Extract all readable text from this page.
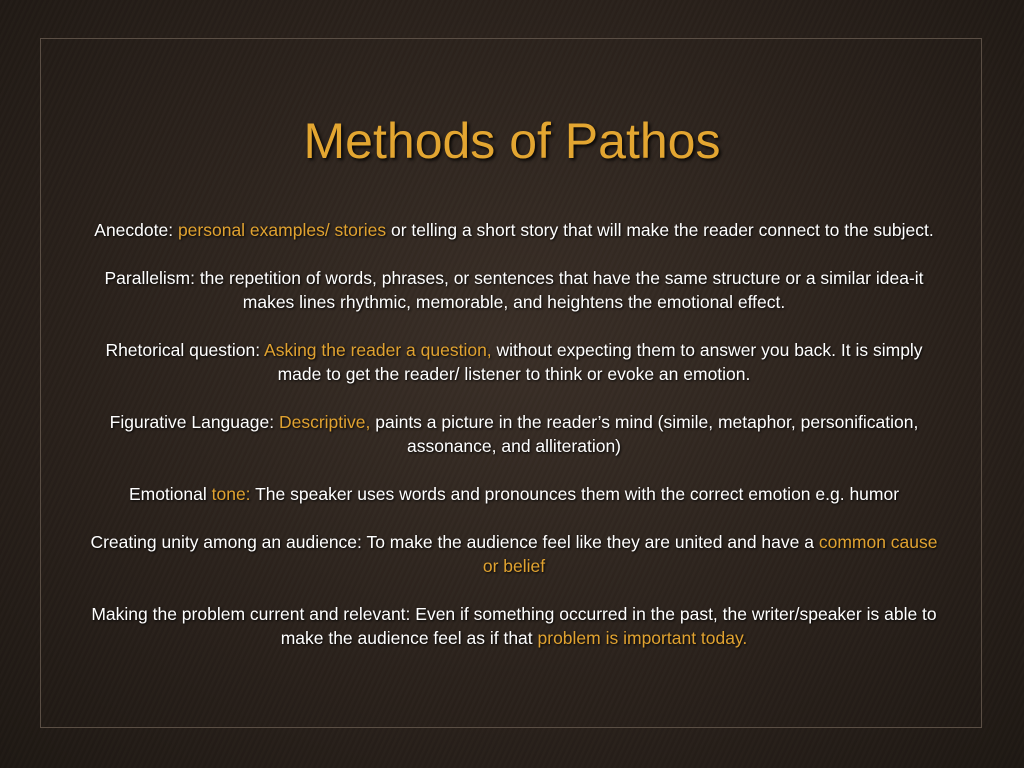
Methods of Pathos

Anecdote: personal examples/ stories or telling a short story that will make the reader connect to the subject.

Parallelism: the repetition of words, phrases, or sentences that have the same structure or a similar idea-it makes lines rhythmic, memorable, and heightens the emotional effect.

Rhetorical question: Asking the reader a question, without expecting them to answer you back. It is simply made to get the reader/ listener to think or evoke an emotion.

Figurative Language: Descriptive, paints a picture in the reader’s mind (simile, metaphor, personification, assonance, and alliteration)

Emotional tone: The speaker uses words and pronounces them with the correct emotion e.g. humor

Creating unity among an audience: To make the audience feel like they are united and have a common cause or belief

Making the problem current and relevant: Even if something occurred in the past, the writer/speaker is able to make the audience feel as if that problem is important today.
